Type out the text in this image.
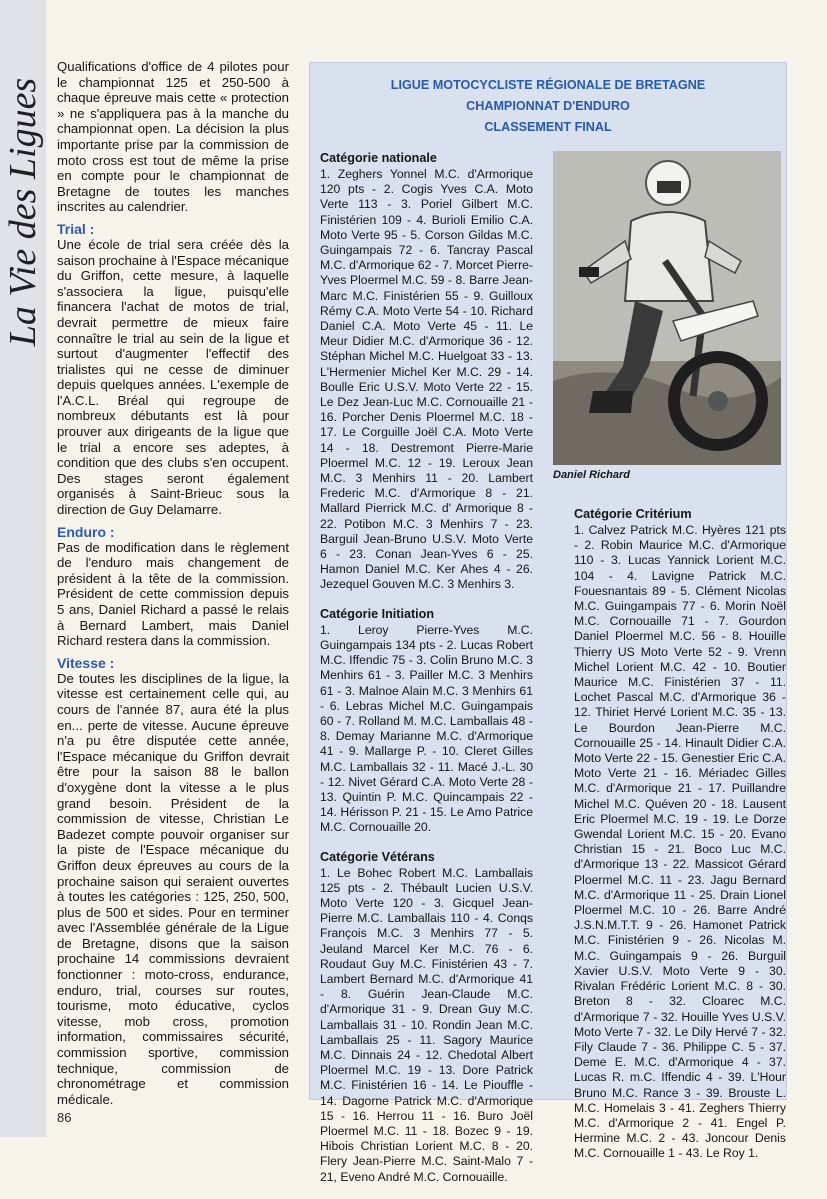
La Vie des Ligues

Qualifications d'office de 4 pilotes pour le championnat 125 et 250-500 à chaque épreuve mais cette « protection » ne s'appliquera pas à la manche du championnat open. La décision la plus importante prise par la commission de moto cross est tout de même la prise en compte pour le championnat de Bretagne de toutes les manches inscrites au calendrier.

Trial :

Une école de trial sera créée dès la saison prochaine à l'Espace mécanique du Griffon, cette mesure, à laquelle s'associera la ligue, puisqu'elle financera l'achat de motos de trial, devrait permettre de mieux faire connaître le trial au sein de la ligue et surtout d'augmenter l'effectif des trialistes qui ne cesse de diminuer depuis quelques années. L'exemple de l'A.C.L. Bréal qui regroupe de nombreux débutants est là pour prouver aux dirigeants de la ligue que le trial a encore ses adeptes, à condition que des clubs s'en occupent. Des stages seront également organisés à Saint-Brieuc sous la direction de Guy Delamarre.

Enduro :

Pas de modification dans le règlement de l'enduro mais changement de président à la tête de la commission. Président de cette commission depuis 5 ans, Daniel Richard a passé le relais à Bernard Lambert, mais Daniel Richard restera dans la commission.

Vitesse :

De toutes les disciplines de la ligue, la vitesse est certainement celle qui, au cours de l'année 87, aura été la plus en... perte de vitesse. Aucune épreuve n'a pu être disputée cette année, l'Espace mécanique du Griffon devrait être pour la saison 88 le ballon d'oxygène dont la vitesse a le plus grand besoin. Président de la commission de vitesse, Christian Le Badezet compte pouvoir organiser sur la piste de l'Espace mécanique du Griffon deux épreuves au cours de la prochaine saison qui seraient ouvertes à toutes les catégories : 125, 250, 500, plus de 500 et sides. Pour en terminer avec l'Assemblée générale de la Ligue de Bretagne, disons que la saison prochaine 14 commissions devraient fonctionner : moto-cross, endurance, enduro, trial, courses sur routes, tourisme, moto éducative, cyclos vitesse, mob cross, promotion information, commissaires sécurité, commission sportive, commission technique, commission de chronométrage et commission médicale.

LIGUE MOTOCYCLISTE RÉGIONALE DE BRETAGNE
CHAMPIONNAT D'ENDURO
CLASSEMENT FINAL
Catégorie nationale

1. Zeghers Yonnel M.C. d'Armorique 120 pts - 2. Cogis Yves C.A. Moto Verte 113 - 3. Poriel Gilbert M.C. Finistérien 109 - 4. Burioli Emilio C.A. Moto Verte 95 - 5. Corson Gildas M.C. Guingampais 72 - 6. Tancray Pascal M.C. d'Armorique 62 - 7. Morcet Pierre-Yves Ploermel M.C. 59 - 8. Barre Jean-Marc M.C. Finistérien 55 - 9. Guilloux Rémy C.A. Moto Verte 54 - 10. Richard Daniel C.A. Moto Verte 45 - 11. Le Meur Didier M.C. d'Armorique 36 - 12. Stéphan Michel M.C. Huelgoat 33 - 13. L'Hermenier Michel Ker M.C. 29 - 14. Boulle Eric U.S.V. Moto Verte 22 - 15. Le Dez Jean-Luc M.C. Cornouaille 21 - 16. Porcher Denis Ploermel M.C. 18 - 17. Le Corguille Joël C.A. Moto Verte 14 - 18. Destremont Pierre-Marie Ploermel M.C. 12 - 19. Leroux Jean M.C. 3 Menhirs 11 - 20. Lambert Frederic M.C. d'Armorique 8 - 21. Mallard Pierrick M.C. d' Armorique 8 - 22. Potibon M.C. 3 Menhirs 7 - 23. Barguil Jean-Bruno U.S.V. Moto Verte 6 - 23. Conan Jean-Yves 6 - 25. Hamon Daniel M.C. Ker Ahes 4 - 26. Jezequel Gouven M.C. 3 Menhirs 3.

Catégorie Initiation

1. Leroy Pierre-Yves M.C. Guingampais 134 pts - 2. Lucas Robert M.C. Iffendic 75 - 3. Colin Bruno M.C. 3 Menhirs 61 - 3. Pailler M.C. 3 Menhirs 61 - 3. Malnoe Alain M.C. 3 Menhirs 61 - 6. Lebras Michel M.C. Guingampais 60 - 7. Rolland M. M.C. Lamballais 48 - 8. Demay Marianne M.C. d'Armorique 41 - 9. Mallarge P. - 10. Cleret Gilles M.C. Lamballais 32 - 11. Macé J.-L. 30 - 12. Nivet Gérard C.A. Moto Verte 28 - 13. Quintin P. M.C. Quincampais 22 - 14. Hérisson P. 21 - 15. Le Amo Patrice M.C. Cornouaille 20.

Catégorie Vétérans

1. Le Bohec Robert M.C. Lamballais 125 pts - 2. Thébault Lucien U.S.V. Moto Verte 120 - 3. Gicquel Jean-Pierre M.C. Lamballais 110 - 4. Conqs François M.C. 3 Menhirs 77 - 5. Jeuland Marcel Ker M.C. 76 - 6. Roudaut Guy M.C. Finistérien 43 - 7. Lambert Bernard M.C. d'Armorique 41 - 8. Guérin Jean-Claude M.C. d'Armorique 31 - 9. Drean Guy M.C. Lamballais 31 - 10. Rondin Jean M.C. Lamballais 25 - 11. Sagory Maurice M.C. Dinnais 24 - 12. Chedotal Albert Ploermel M.C. 19 - 13. Dore Patrick M.C. Finistérien 16 - 14. Le Piouffle - 14. Dagorne Patrick M.C. d'Armorique 15 - 16. Herrou 11 - 16. Buro Joël Ploermel M.C. 11 - 18. Bozec 9 - 19. Hibois Christian Lorient M.C. 8 - 20. Flery Jean-Pierre M.C. Saint-Malo 7 - 21, Eveno André M.C. Cornouaille.

Daniel Richard
Catégorie Critérium

1. Calvez Patrick M.C. Hyères 121 pts - 2. Robin Maurice M.C. d'Armorique 110 - 3. Lucas Yannick Lorient M.C. 104 - 4. Lavigne Patrick M.C. Fouesnantais 89 - 5. Clément Nicolas M.C. Guingampais 77 - 6. Morin Noël M.C. Cornouaille 71 - 7. Gourdon Daniel Ploermel M.C. 56 - 8. Houille Thierry US Moto Verte 52 - 9. Vrenn Michel Lorient M.C. 42 - 10. Boutier Maurice M.C. Finistérien 37 - 11. Lochet Pascal M.C. d'Armorique 36 - 12. Thiriet Hervé Lorient M.C. 35 - 13. Le Bourdon Jean-Pierre M.C. Cornouaille 25 - 14. Hinault Didier C.A. Moto Verte 22 - 15. Genestier Eric C.A. Moto Verte 21 - 16. Mériadec Gilles M.C. d'Armorique 21 - 17. Puillandre Michel M.C. Quéven 20 - 18. Lausent Eric Ploermel M.C. 19 - 19. Le Dorze Gwendal Lorient M.C. 15 - 20. Evano Christian 15 - 21. Boco Luc M.C. d'Armorique 13 - 22. Massicot Gérard Ploermel M.C. 11 - 23. Jagu Bernard M.C. d'Armorique 11 - 25. Drain Lionel Ploermel M.C. 10 - 26. Barre André J.S.N.M.T.T. 9 - 26. Hamonet Patrick M.C. Finistérien 9 - 26. Nicolas M. M.C. Guingampais 9 - 26. Burguil Xavier U.S.V. Moto Verte 9 - 30. Rivalan Frédéric Lorient M.C. 8 - 30. Breton 8 - 32. Cloarec M.C. d'Armorique 7 - 32. Houille Yves U.S.V. Moto Verte 7 - 32. Le Dily Hervé 7 - 32. Fily Claude 7 - 36. Philippe C. 5 - 37. Deme E. M.C. d'Armorique 4 - 37. Lucas R. m.C. Iffendic 4 - 39. L'Hour Bruno M.C. Rance 3 - 39. Brouste L. M.C. Homelais 3 - 41. Zeghers Thierry M.C. d'Armorique 2 - 41. Engel P. Hermine M.C. 2 - 43. Joncour Denis M.C. Cornouaille 1 - 43. Le Roy 1.

86
